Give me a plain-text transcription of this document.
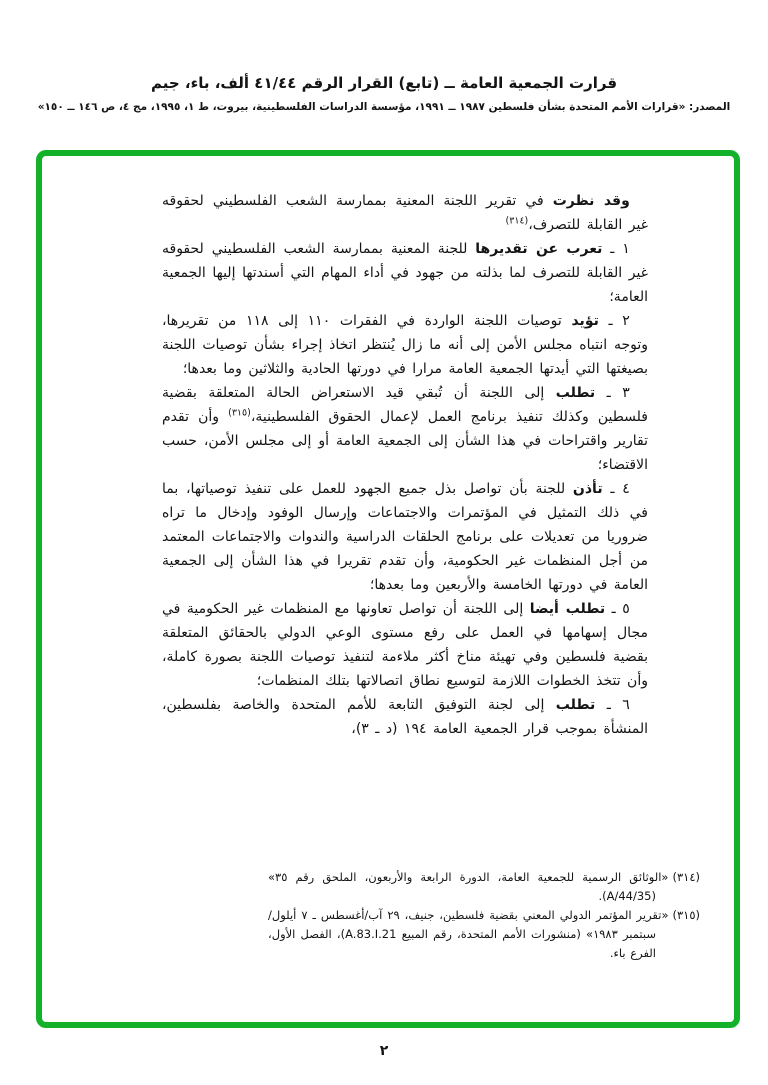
قرارت الجمعية العامة ــ (تابع) القرار الرقم ٤١/٤٤ ألف، باء، جيم
المصدر: «قرارات الأمم المتحدة بشأن فلسطين ١٩٨٧ ــ ١٩٩١، مؤسسة الدراسات الفلسطينية، بيروت، ط ١، ١٩٩٥، مج ٤، ص ١٤٦ ــ ١٥٠»

وقد نظرت في تقرير اللجنة المعنية بممارسة الشعب الفلسطيني لحقوقه غير القابلة للتصرف،$^{(٣١٤)}$

١ ـ تعرب عن تقديرها للجنة المعنية بممارسة الشعب الفلسطيني لحقوقه غير القابلة للتصرف لما بذلته من جهود في أداء المهام التي أسندتها إليها الجمعية العامة؛

٢ ـ تؤيد توصيات اللجنة الواردة في الفقرات ١١٠ إلى ١١٨ من تقريرها، وتوجه انتباه مجلس الأمن إلى أنه ما زال يُنتظر اتخاذ إجراء بشأن توصيات اللجنة بصيغتها التي أيدتها الجمعية العامة مرارا في دورتها الحادية والثلاثين وما بعدها؛

٣ ـ تطلب إلى اللجنة أن تُبقي قيد الاستعراض الحالة المتعلقة بقضية فلسطين وكذلك تنفيذ برنامج العمل لإعمال الحقوق الفلسطينية،$^{(٣١٥)}$ وأن تقدم تقارير واقتراحات في هذا الشأن إلى الجمعية العامة أو إلى مجلس الأمن، حسب الاقتضاء؛

٤ ـ تأذن للجنة بأن تواصل بذل جميع الجهود للعمل على تنفيذ توصياتها، بما في ذلك التمثيل في المؤتمرات والاجتماعات وإرسال الوفود وإدخال ما تراه ضروريا من تعديلات على برنامج الحلقات الدراسية والندوات والاجتماعات المعتمد من أجل المنظمات غير الحكومية، وأن تقدم تقريرا في هذا الشأن إلى الجمعية العامة في دورتها الخامسة والأربعين وما بعدها؛

٥ ـ تطلب أيضا إلى اللجنة أن تواصل تعاونها مع المنظمات غير الحكومية في مجال إسهامها في العمل على رفع مستوى الوعي الدولي بالحقائق المتعلقة بقضية فلسطين وفي تهيئة مناخ أكثر ملاءمة لتنفيذ توصيات اللجنة بصورة كاملة، وأن تتخذ الخطوات اللازمة لتوسيع نطاق اتصالاتها بتلك المنظمات؛

٦ ـ تطلب إلى لجنة التوفيق التابعة للأمم المتحدة والخاصة بفلسطين، المنشأة بموجب قرار الجمعية العامة ١٩٤ (د ـ ٣)،

(٣١٤)«الوثائق الرسمية للجمعية العامة، الدورة الرابعة والأربعون، الملحق رقم ٣٥» (A/44/35).

(٣١٥)«تقرير المؤتمر الدولي المعني بقضية فلسطين، جنيف، ٢٩ آب/أغسطس ـ ٧ أيلول/سبتمبر ١٩٨٣» (منشورات الأمم المتحدة، رقم المبيع A.83.I.21)، الفصل الأول، الفرع باء.

٢
